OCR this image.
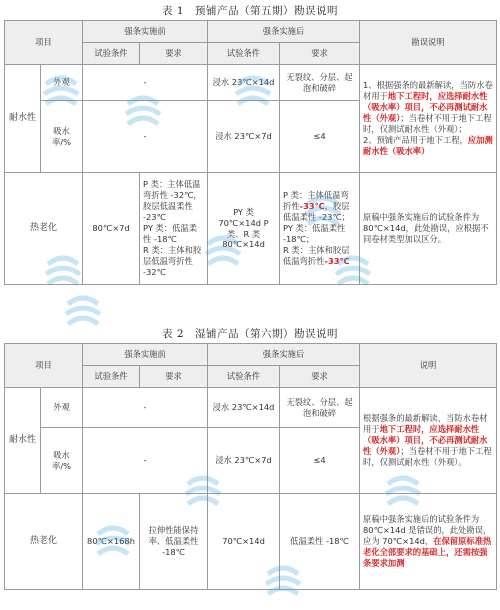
表 1　预铺产品（第五期）勘误说明
项目		强条实施前		强条实施后		勘误说明
		试验条件	要求	试验条件	要求	
耐水性	外观	-		浸水 23℃×14d	无裂纹、分层、起泡和破碎	1、根据强条的最新解读，当防水卷材用于地下工程时，应选择耐水性（吸水率）项目，不必再测试耐水性（外观）；当卷材不用于地下工程时，仅测试耐水性（外观）；
2、预铺产品用于地下工程，应加测耐水性（吸水率）
	吸水率/%	-		浸水 23℃×7d	≤4	
热老化		80℃×7d	P 类：主体低温弯折性 -32℃，胶层低温柔性 -23℃
PY 类：低温柔性 -18℃
R 类：主体和胶层低温弯折性 -32℃	PY 类 70℃×14d P 类、R 类 80℃×14d	P 类：主体低温弯折性-33℃，胶层低温柔性 -23℃；
PY 类：低温柔性 -18℃；
R 类：主体和胶层低温弯折性-33℃	原稿中强条实施后的试验条件为 80℃×14d，此处勘误，应根据不同卷材类型加以区分。
表 2　湿铺产品（第六期）勘误说明
项目		强条实施前		强条实施后		说明
		试验条件	要求	试验条件	要求	
耐水性	外观	-		浸水 23℃×14d	无裂纹、分层、起泡和破碎	根据强条的最新解读，当防水卷材用于地下工程时，应选择耐水性（吸水率）项目，不必再测试耐水性（外观）；当卷材不用于地下工程时，仅测试耐水性（外观）。
	吸水率/%	-		浸水 23℃×7d	≤4	
热老化		80℃×168h	拉伸性能保持率、低温柔性 -18℃	70℃×14d	低温柔性 -18℃	原稿中强条实施后的试验条件为 80℃×14d 是错误的，此处勘误，应为 70℃×14d，在保留原标准热老化全部要求的基础上，还需按强条要求加测
